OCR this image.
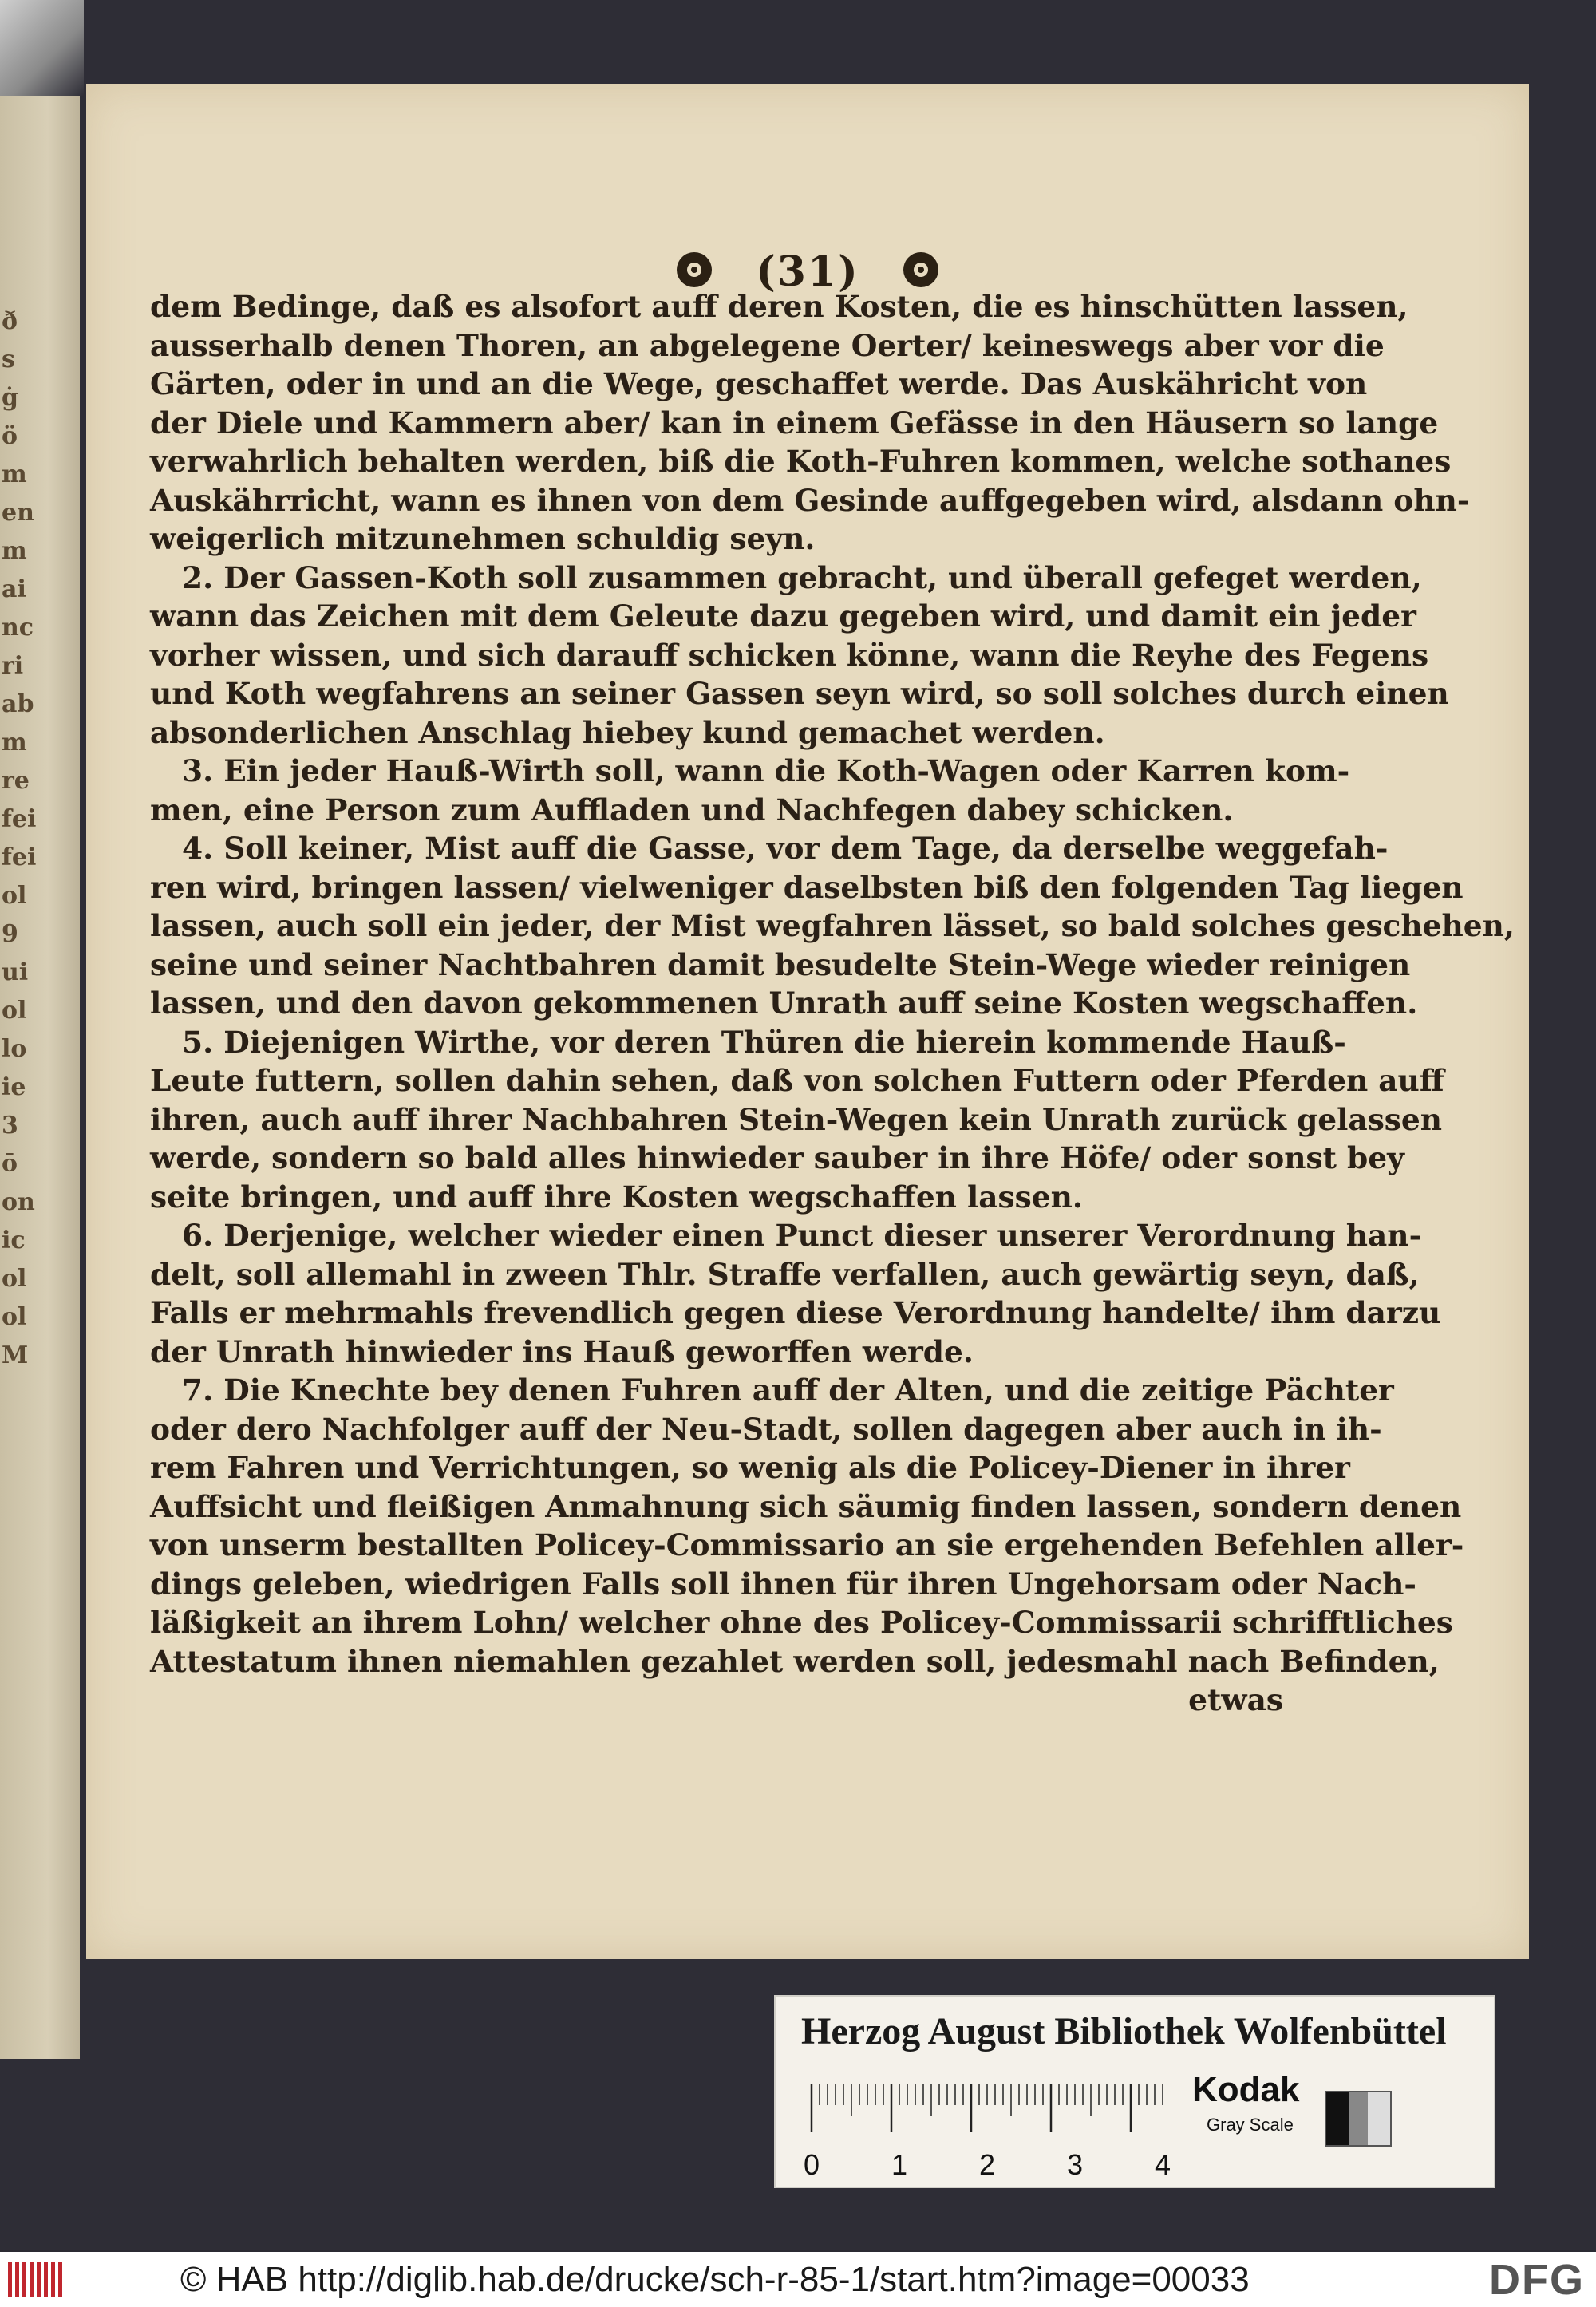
ð
s
ġ
ö
m
en
m
ai
nc
ri
ab
m
re
fei
fei
ol
9
ui
ol
lo
ie
3
ō
on
ic
ol
ol
M
(31)
dem Bedinge, daß es alsofort auff deren Kosten, die es hinschütten lassen,
ausserhalb denen Thoren, an abgelegene Oerter/ keineswegs aber vor die
Gärten, oder in und an die Wege, geschaffet werde. Das Auskähricht von
der Diele und Kammern aber/ kan in einem Gefässe in den Häusern so lange
verwahrlich behalten werden, biß die Koth-Fuhren kommen, welche sothanes
Auskährricht, wann es ihnen von dem Gesinde auffgegeben wird, alsdann ohn-
weigerlich mitzunehmen schuldig seyn.
2. Der Gassen-Koth soll zusammen gebracht, und überall gefeget werden,
wann das Zeichen mit dem Geleute dazu gegeben wird, und damit ein jeder
vorher wissen, und sich darauff schicken könne, wann die Reyhe des Fegens
und Koth wegfahrens an seiner Gassen seyn wird, so soll solches durch einen
absonderlichen Anschlag hiebey kund gemachet werden.
3. Ein jeder Hauß-Wirth soll, wann die Koth-Wagen oder Karren kom-
men, eine Person zum Auffladen und Nachfegen dabey schicken.
4. Soll keiner, Mist auff die Gasse, vor dem Tage, da derselbe weggefah-
ren wird, bringen lassen/ vielweniger daselbsten biß den folgenden Tag liegen
lassen, auch soll ein jeder, der Mist wegfahren lässet, so bald solches geschehen,
seine und seiner Nachtbahren damit besudelte Stein-Wege wieder reinigen
lassen, und den davon gekommenen Unrath auff seine Kosten wegschaffen.
5. Diejenigen Wirthe, vor deren Thüren die hierein kommende Hauß-
Leute futtern, sollen dahin sehen, daß von solchen Futtern oder Pferden auff
ihren, auch auff ihrer Nachbahren Stein-Wegen kein Unrath zurück gelassen
werde, sondern so bald alles hinwieder sauber in ihre Höfe/ oder sonst bey
seite bringen, und auff ihre Kosten wegschaffen lassen.
6. Derjenige, welcher wieder einen Punct dieser unserer Verordnung han-
delt, soll allemahl in zween Thlr. Straffe verfallen, auch gewärtig seyn, daß,
Falls er mehrmahls frevendlich gegen diese Verordnung handelte/ ihm darzu
der Unrath hinwieder ins Hauß geworffen werde.
7. Die Knechte bey denen Fuhren auff der Alten, und die zeitige Pächter
oder dero Nachfolger auff der Neu-Stadt, sollen dagegen aber auch in ih-
rem Fahren und Verrichtungen, so wenig als die Policey-Diener in ihrer
Auffsicht und fleißigen Anmahnung sich säumig finden lassen, sondern denen
von unserm bestallten Policey-Commissario an sie ergehenden Befehlen aller-
dings geleben, wiedrigen Falls soll ihnen für ihren Ungehorsam oder Nach-
läßigkeit an ihrem Lohn/ welcher ohne des Policey-Commissarii schrifftliches
Attestatum ihnen niemahlen gezahlet werden soll, jedesmahl nach Befinden,
etwas
Herzog August Bibliothek Wolfenbüttel
Kodak
Gray Scale
0 1 2 3 4
© HAB http://diglib.hab.de/drucke/sch-r-85-1/start.htm?image=00033	DFG
